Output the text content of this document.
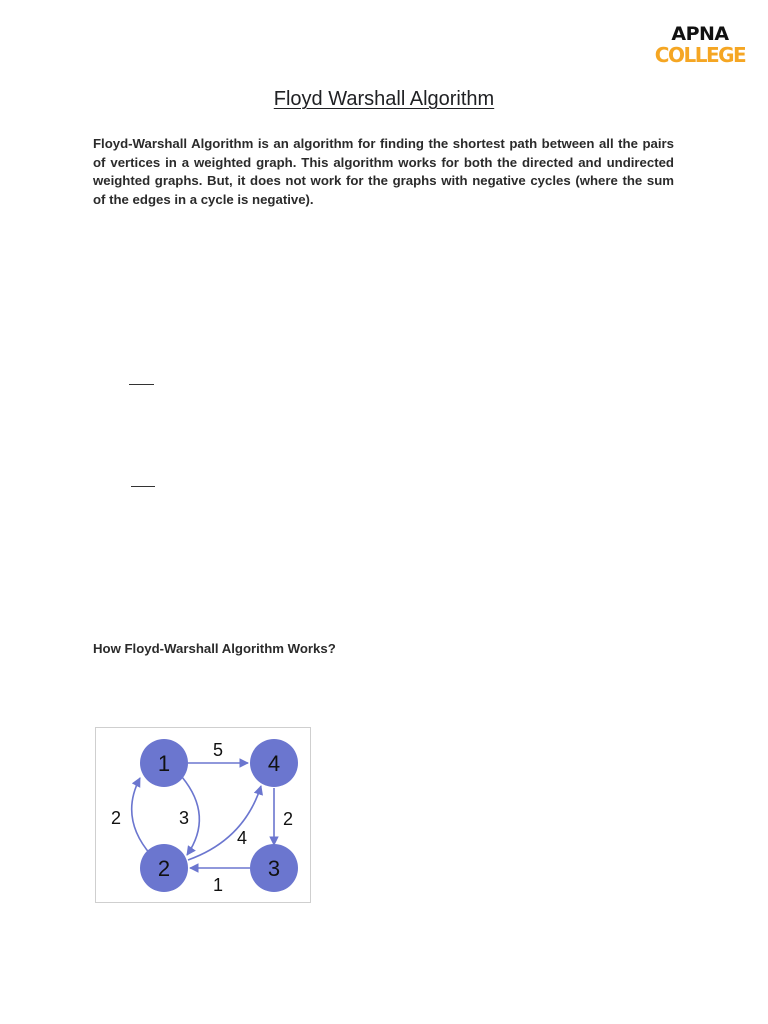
APNA
COLLEGE
Floyd Warshall Algorithm

Floyd-Warshall Algorithm is an algorithm for finding the shortest path between all the pairs of vertices in a weighted graph. This algorithm works for both the directed and undirected weighted graphs. But, it does not work for the graphs with negative cycles (where the sum of the edges in a cycle is negative).

How Floyd-Warshall Algorithm Works?

1	4
2	3
5
3
2
4
2
1
